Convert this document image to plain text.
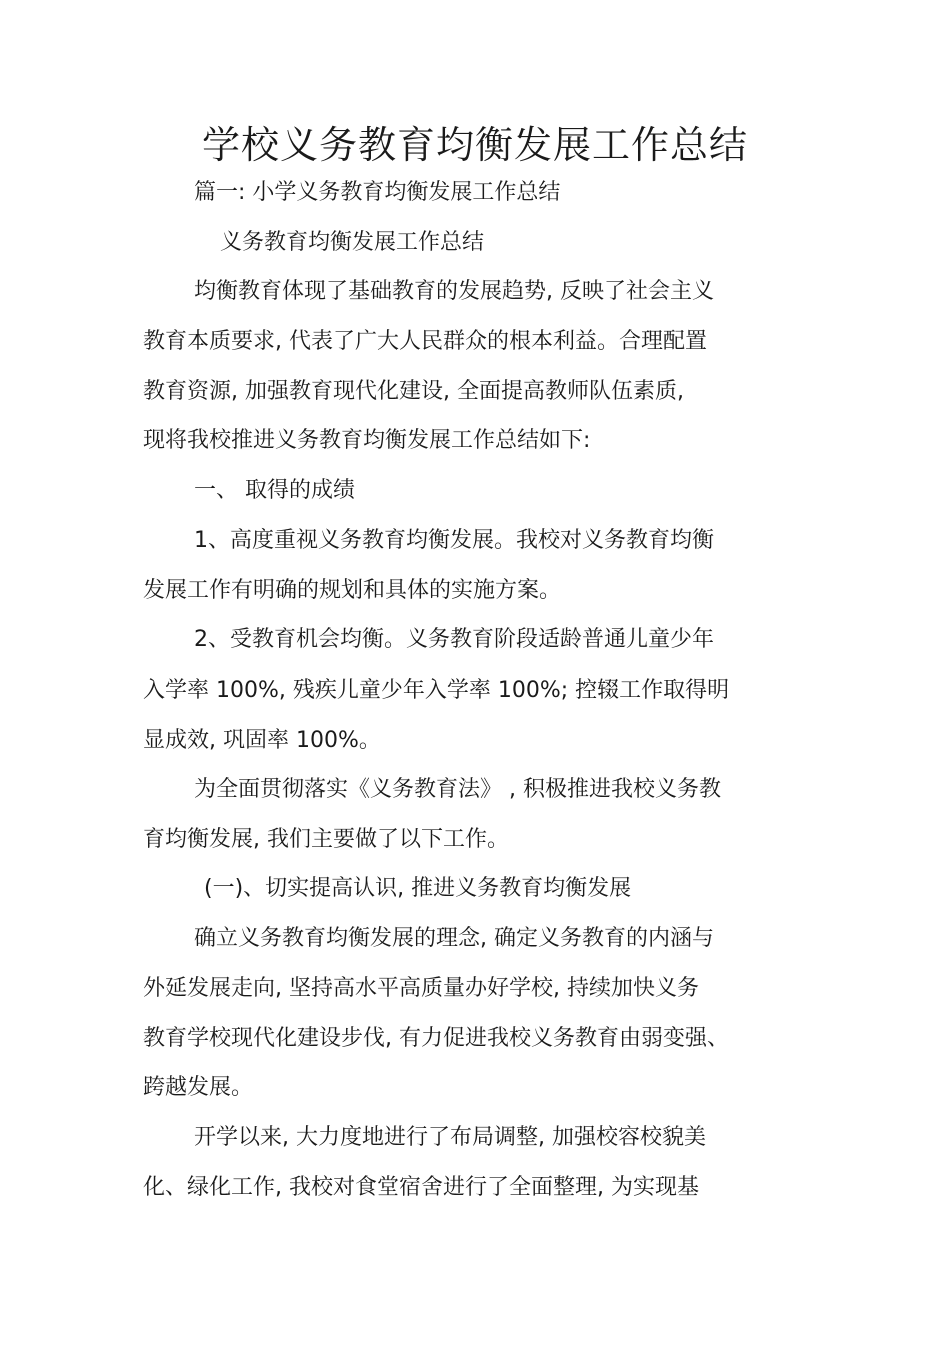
学校义务教育均衡发展工作总结
篇一: 小学义务教育均衡发展工作总结
义务教育均衡发展工作总结
均衡教育体现了基础教育的发展趋势, 反映了社会主义
教育本质要求, 代表了广大人民群众的根本利益。合理配置
教育资源, 加强教育现代化建设, 全面提高教师队伍素质,
现将我校推进义务教育均衡发展工作总结如下:
一、 取得的成绩
1、高度重视义务教育均衡发展。我校对义务教育均衡
发展工作有明确的规划和具体的实施方案。
2、受教育机会均衡。义务教育阶段适龄普通儿童少年
入学率 100%, 残疾儿童少年入学率 100%; 控辍工作取得明
显成效, 巩固率 100%。
为全面贯彻落实《义务教育法》 , 积极推进我校义务教
育均衡发展, 我们主要做了以下工作。
(一)、切实提高认识, 推进义务教育均衡发展
确立义务教育均衡发展的理念, 确定义务教育的内涵与
外延发展走向, 坚持高水平高质量办好学校, 持续加快义务
教育学校现代化建设步伐, 有力促进我校义务教育由弱变强、
跨越发展。
开学以来, 大力度地进行了布局调整, 加强校容校貌美
化、绿化工作, 我校对食堂宿舍进行了全面整理, 为实现基
